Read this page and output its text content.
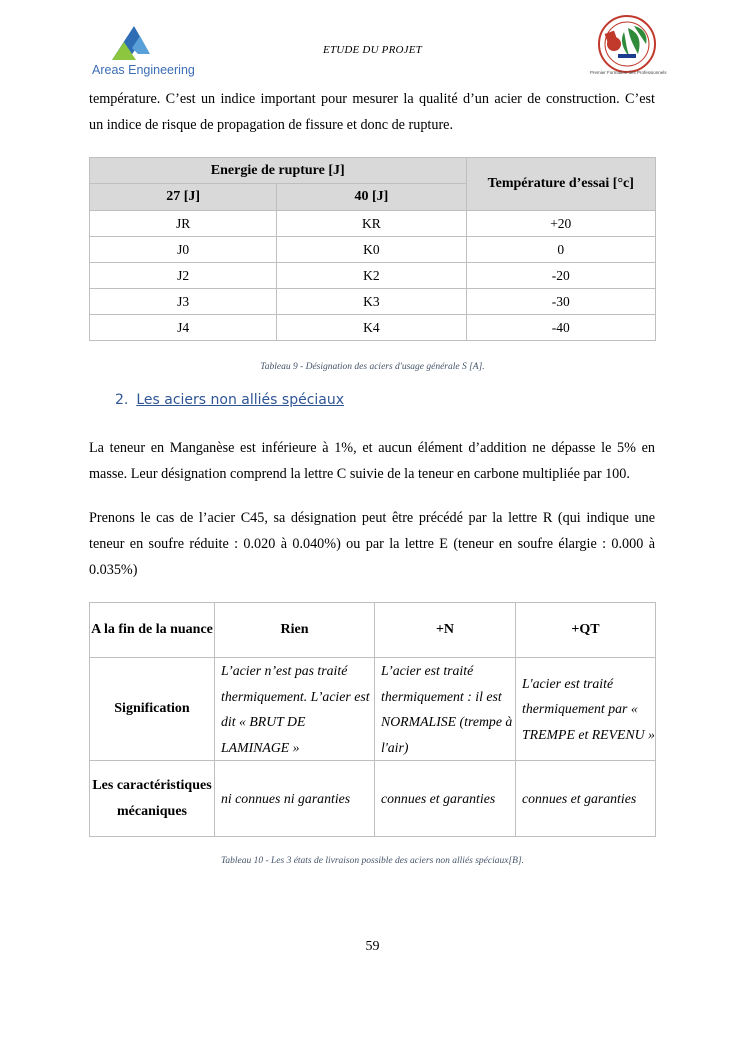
Areas Engineering
ETUDE DU PROJET
Premier Formation des Professionnels
température. C’est un indice important pour mesurer la qualité d’un acier de construction. C’est
un indice de risque de propagation de fissure et donc de rupture.
Energie de rupture [J]		Température d’essai [°c]
27 [J]	40 [J]	
JR	KR	+20
J0	K0	0
J2	K2	-20
J3	K3	-30
J4	K4	-40
Tableau 9 - Désignation des aciers d'usage générale S [A].
2. Les aciers non alliés spéciaux
La teneur en Manganèse est inférieure à 1%, et aucun élément d’addition ne dépasse le 5% en
masse. Leur désignation comprend la lettre C suivie de la teneur en carbone multipliée par 100.
Prenons le cas de l’acier C45, sa désignation peut être précédé par la lettre R (qui indique une
teneur en soufre réduite : 0.020 à 0.040%) ou par la lettre E (teneur en soufre élargie : 0.000 à
0.035%)
A la fin de la nuance	Rien	+N	+QT
Signification	L’acier n’est pas traité thermiquement. L’acier est dit « BRUT DE LAMINAGE »	L’acier est traité thermiquement : il est NORMALISE (trempe à l'air)	L'acier est traité thermiquement par « TREMPE et REVENU »
Les caractéristiques mécaniques	ni connues ni garanties	connues et garanties	connues et garanties
Tableau 10 - Les 3 états de livraison possible des aciers non alliés spéciaux[B].
59
